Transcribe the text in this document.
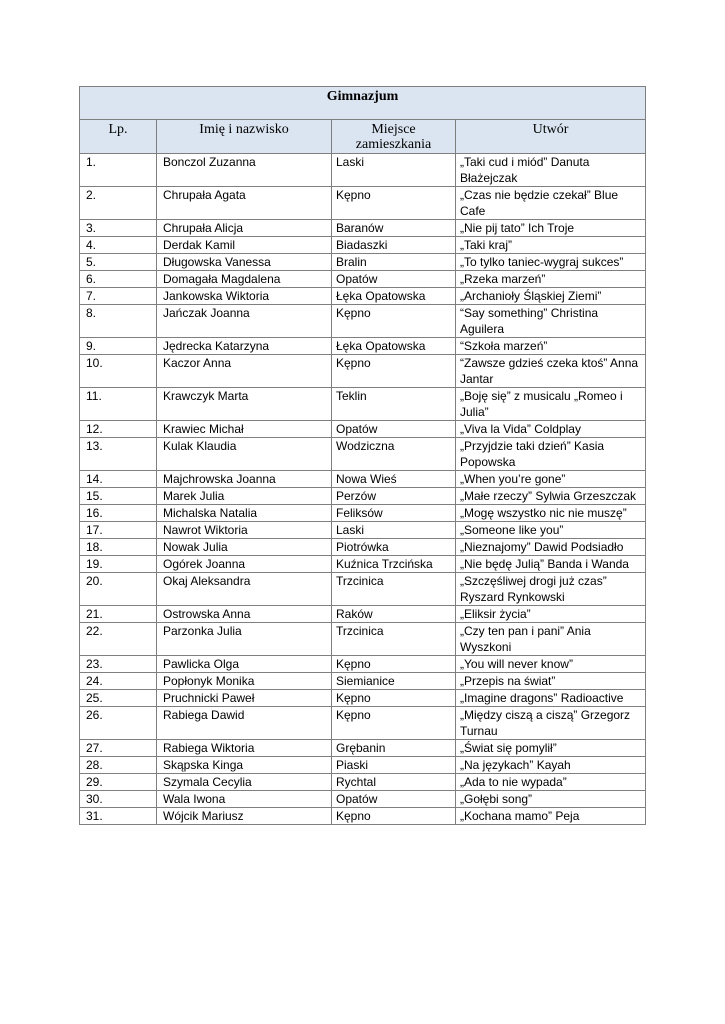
Gimnazjum			
Lp.	Imię i nazwisko	Miejsce zamieszkania	Utwór
1.	Bonczol Zuzanna	Laski	„Taki cud i miód” Danuta Błażejczak
2.	Chrupała Agata	Kępno	„Czas nie będzie czekał” Blue Cafe
3.	Chrupała Alicja	Baranów	„Nie pij tato” Ich Troje
4.	Derdak Kamil	Biadaszki	„Taki kraj”
5.	Długowska Vanessa	Bralin	„To tylko taniec-wygraj sukces”
6.	Domagała Magdalena	Opatów	„Rzeka marzeń”
7.	Jankowska Wiktoria	Łęka Opatowska	„Archanioły Śląskiej Ziemi”
8.	Jańczak Joanna	Kępno	“Say something” Christina Aguilera
9.	Jędrecka Katarzyna	Łęka Opatowska	“Szkoła marzeń”
10.	Kaczor Anna	Kępno	“Zawsze gdzieś czeka ktoś” Anna Jantar
11.	Krawczyk Marta	Teklin	„Boję się” z musicalu „Romeo i Julia”
12.	Krawiec Michał	Opatów	„Viva la Vida” Coldplay
13.	Kulak Klaudia	Wodziczna	„Przyjdzie taki dzień” Kasia Popowska
14.	Majchrowska Joanna	Nowa Wieś	„When you’re gone”
15.	Marek Julia	Perzów	„Małe rzeczy” Sylwia Grzeszczak
16.	Michalska Natalia	Feliksów	„Mogę wszystko nic nie muszę”
17.	Nawrot Wiktoria	Laski	„Someone like you”
18.	Nowak Julia	Piotrówka	„Nieznajomy” Dawid Podsiadło
19.	Ogórek Joanna	Kuźnica Trzcińska	„Nie będę Julią” Banda i Wanda
20.	Okaj Aleksandra	Trzcinica	„Szczęśliwej drogi już czas” Ryszard Rynkowski
21.	Ostrowska Anna	Raków	„Eliksir życia”
22.	Parzonka Julia	Trzcinica	„Czy ten pan i pani” Ania Wyszkoni
23.	Pawlicka Olga	Kępno	„You will never know”
24.	Popłonyk Monika	Siemianice	„Przepis na świat”
25.	Pruchnicki Paweł	Kępno	„Imagine dragons” Radioactive
26.	Rabiega Dawid	Kępno	„Między ciszą a ciszą” Grzegorz Turnau
27.	Rabiega Wiktoria	Grębanin	„Świat się pomylił”
28.	Skąpska Kinga	Piaski	„Na językach” Kayah
29.	Szymala Cecylia	Rychtal	„Ada to nie wypada”
30.	Wala Iwona	Opatów	„Gołębi song”
31.	Wójcik Mariusz	Kępno	„Kochana mamo” Peja
